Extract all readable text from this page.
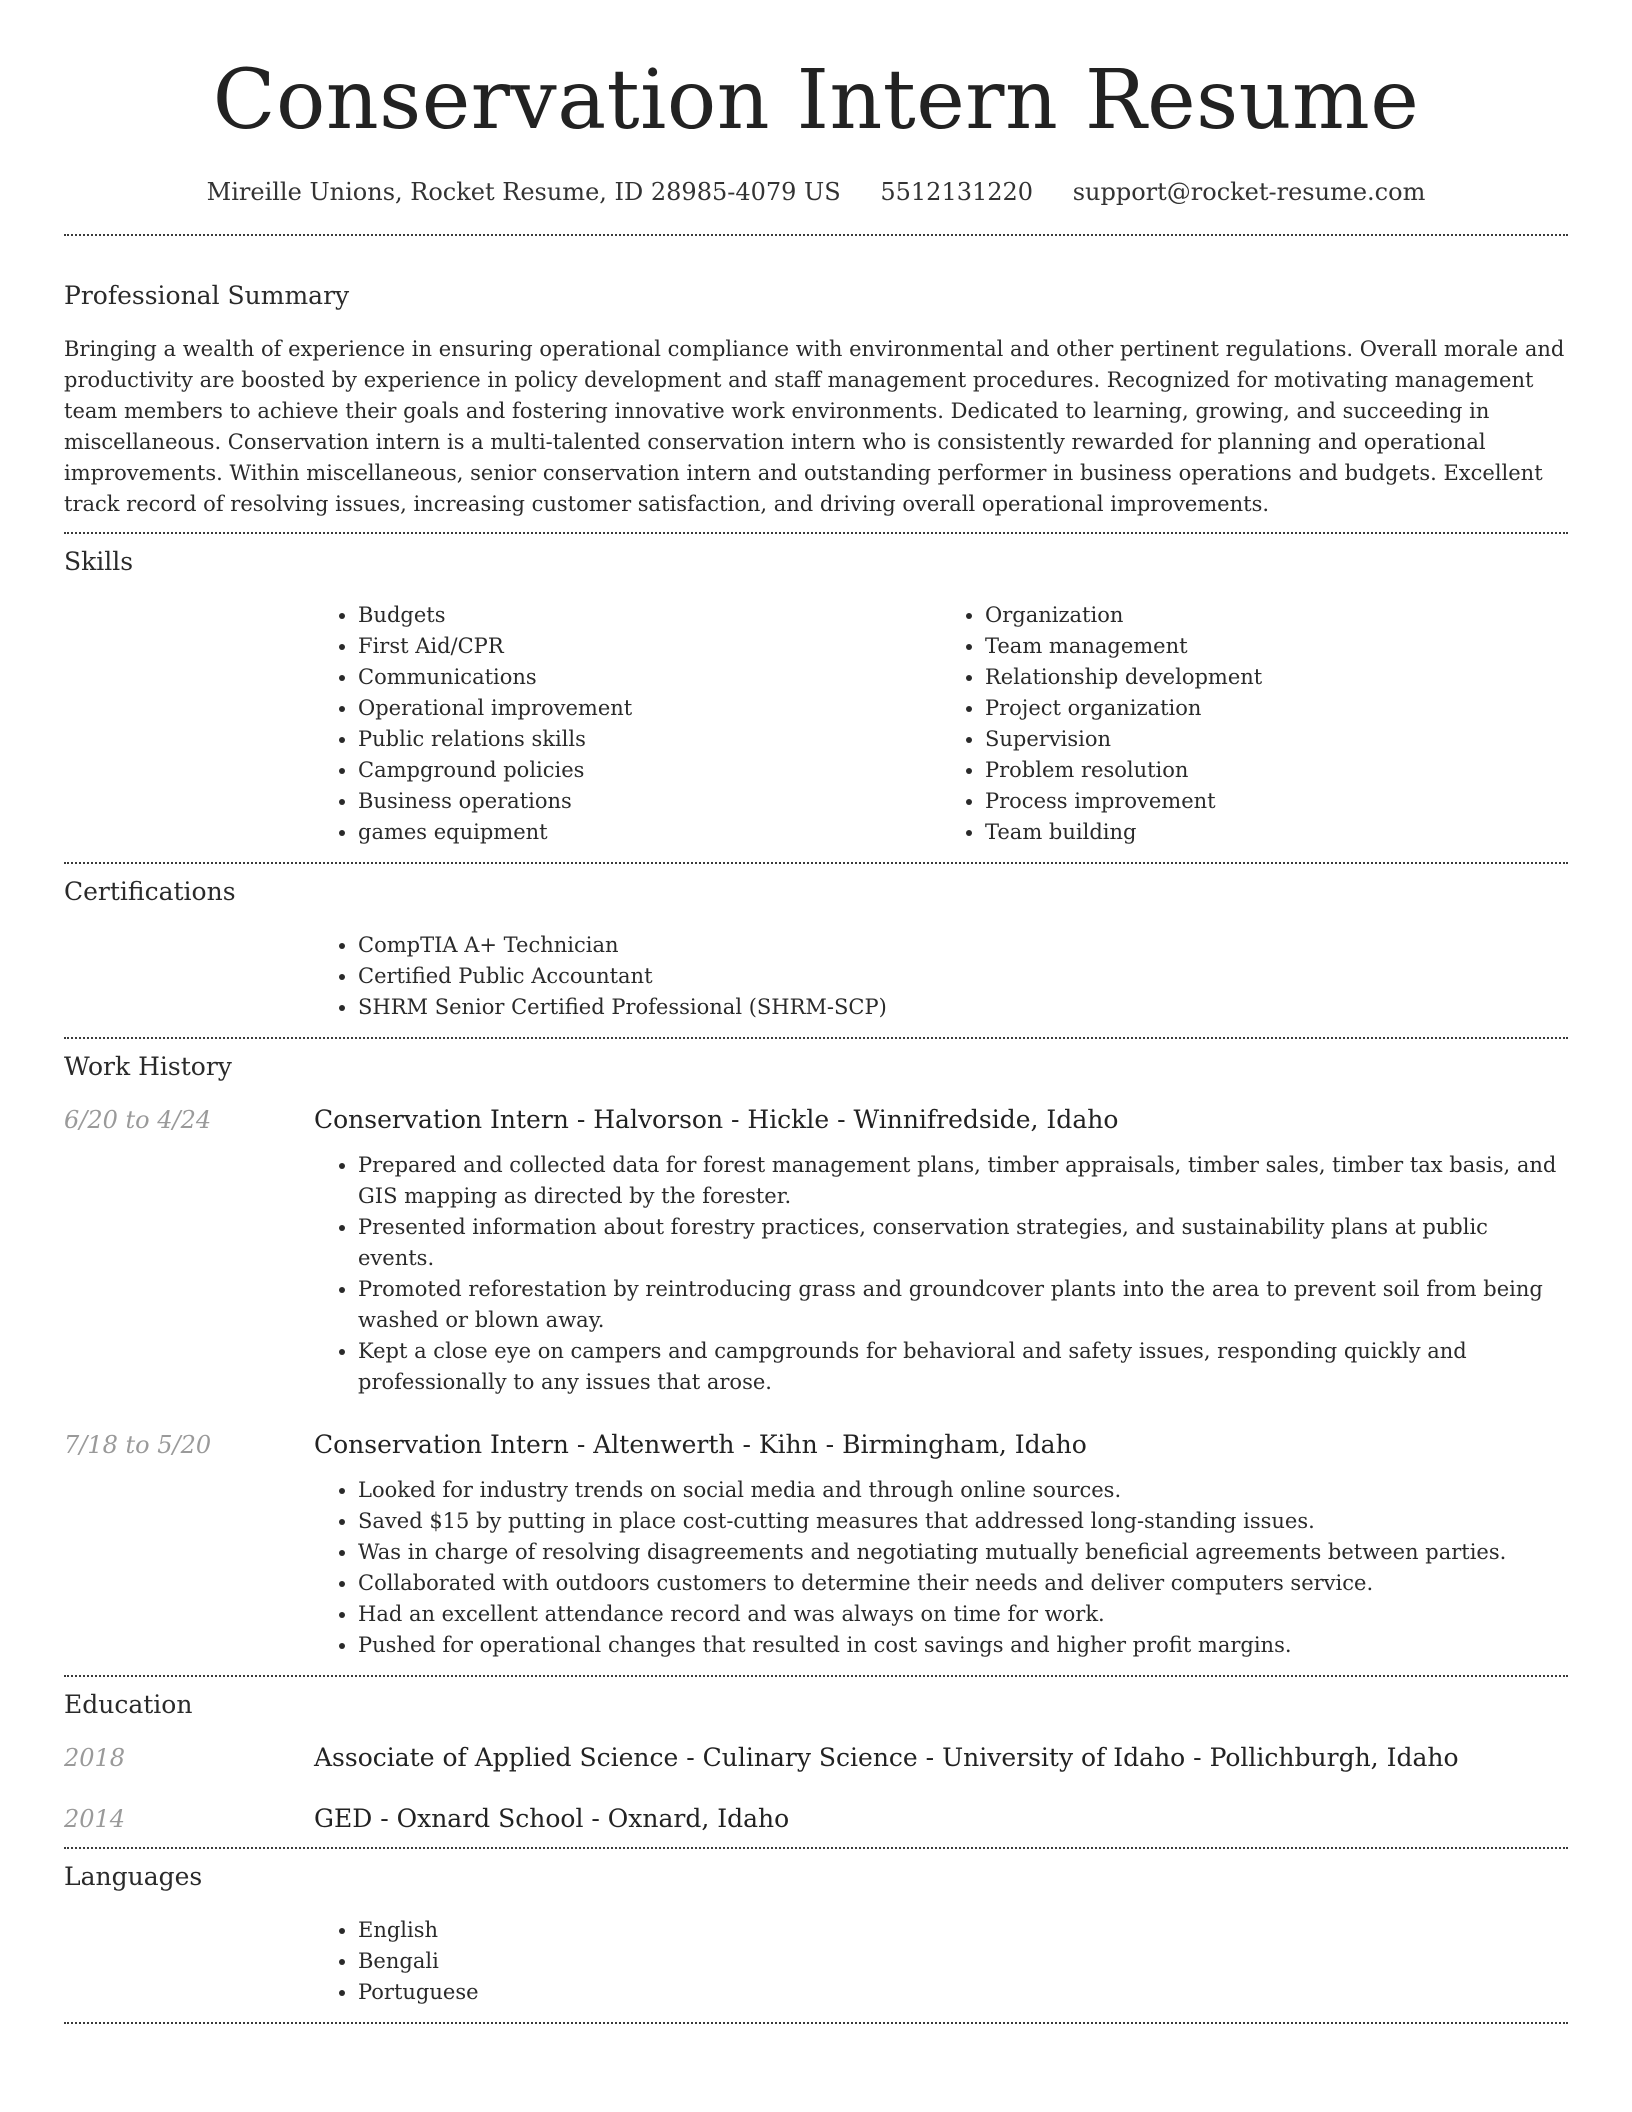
Conservation Intern Resume
Mireille Unions, Rocket Resume, ID 28985-4079 US 5512131220 support@rocket-resume.com
Professional Summary

Bringing a wealth of experience in ensuring operational compliance with environmental and other pertinent regulations. Overall morale and productivity are boosted by experience in policy development and staff management procedures. Recognized for motivating management team members to achieve their goals and fostering innovative work environments. Dedicated to learning, growing, and succeeding in miscellaneous. Conservation intern is a multi-talented conservation intern who is consistently rewarded for planning and operational improvements. Within miscellaneous, senior conservation intern and outstanding performer in business operations and budgets. Excellent track record of resolving issues, increasing customer satisfaction, and driving overall operational improvements.

Skills
• Budgets
• First Aid/CPR
• Communications
• Operational improvement
• Public relations skills
• Campground policies
• Business operations
• games equipment
• Organization
• Team management
• Relationship development
• Project organization
• Supervision
• Problem resolution
• Process improvement
• Team building
Certifications
• CompTIA A+ Technician
• Certified Public Accountant
• SHRM Senior Certified Professional (SHRM-SCP)
Work History
6/20 to 4/24	Conservation Intern - Halvorson - Hickle - Winnifredside, Idaho
• Prepared and collected data for forest management plans, timber appraisals, timber sales, timber tax basis, and GIS mapping as directed by the forester.
• Presented information about forestry practices, conservation strategies, and sustainability plans at public events.
• Promoted reforestation by reintroducing grass and groundcover plants into the area to prevent soil from being washed or blown away.
• Kept a close eye on campers and campgrounds for behavioral and safety issues, responding quickly and professionally to any issues that arose.
7/18 to 5/20	Conservation Intern - Altenwerth - Kihn - Birmingham, Idaho
• Looked for industry trends on social media and through online sources.
• Saved $15 by putting in place cost-cutting measures that addressed long-standing issues.
• Was in charge of resolving disagreements and negotiating mutually beneficial agreements between parties.
• Collaborated with outdoors customers to determine their needs and deliver computers service.
• Had an excellent attendance record and was always on time for work.
• Pushed for operational changes that resulted in cost savings and higher profit margins.
Education
2018	Associate of Applied Science - Culinary Science - University of Idaho - Pollichburgh, Idaho
2014	GED - Oxnard School - Oxnard, Idaho
Languages
• English
• Bengali
• Portuguese
